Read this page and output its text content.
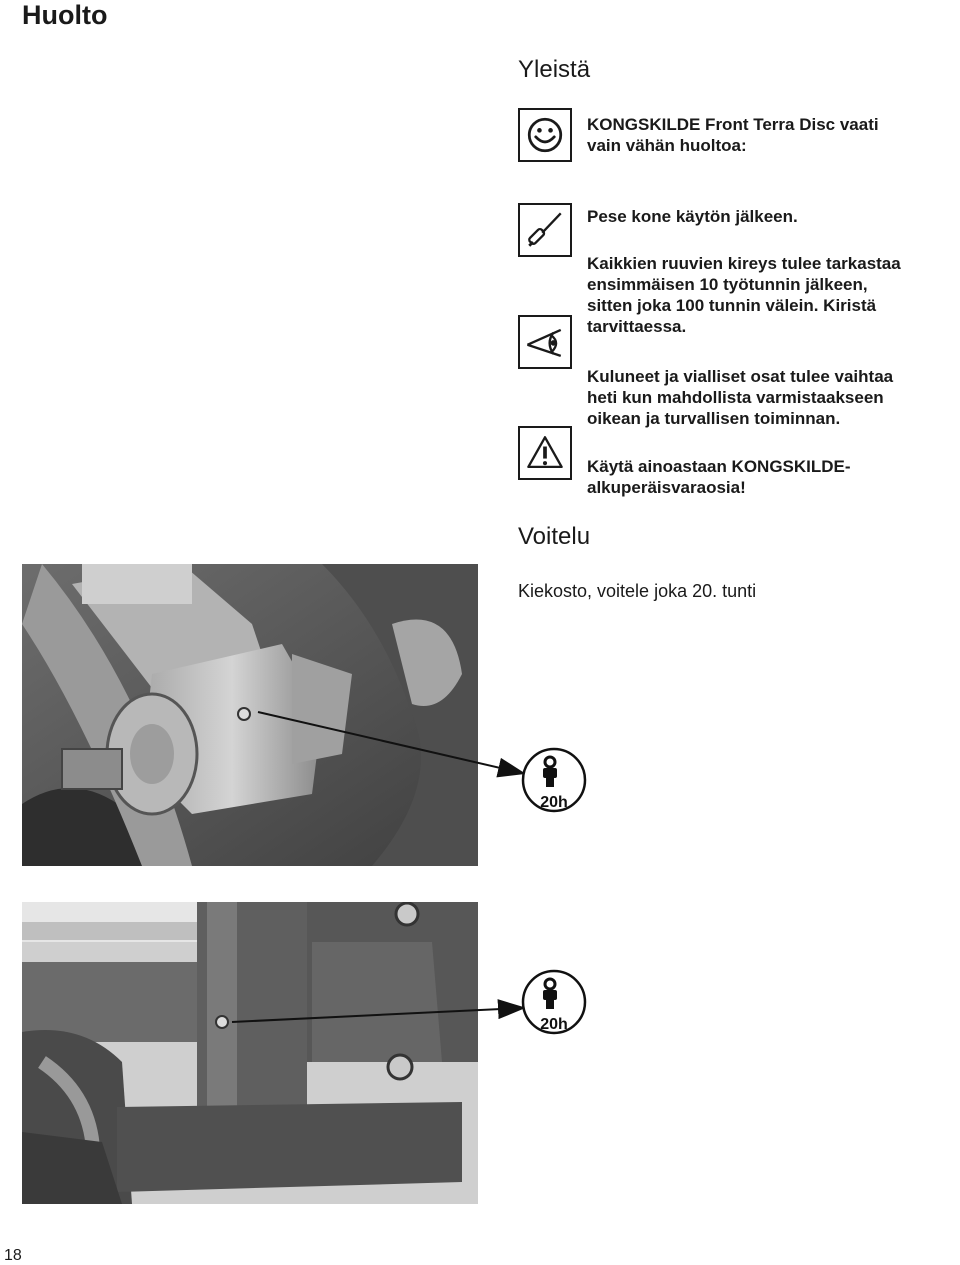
Huolto
Yleistä
KONGSKILDE Front Terra Disc vaati
vain vähän huoltoa:
Pese kone käytön jälkeen.
Kaikkien ruuvien kireys tulee tarkastaa
ensimmäisen 10 työtunnin jälkeen,
sitten joka 100 tunnin välein. Kiristä
tarvittaessa.
Kuluneet ja vialliset osat tulee vaihtaa
heti kun mahdollista varmistaakseen
oikean ja turvallisen toiminnan.
Käytä ainoastaan KONGSKILDE-
alkuperäisvaraosia!
Voitelu
Kiekosto, voitele joka 20. tunti
20h
20h
18
